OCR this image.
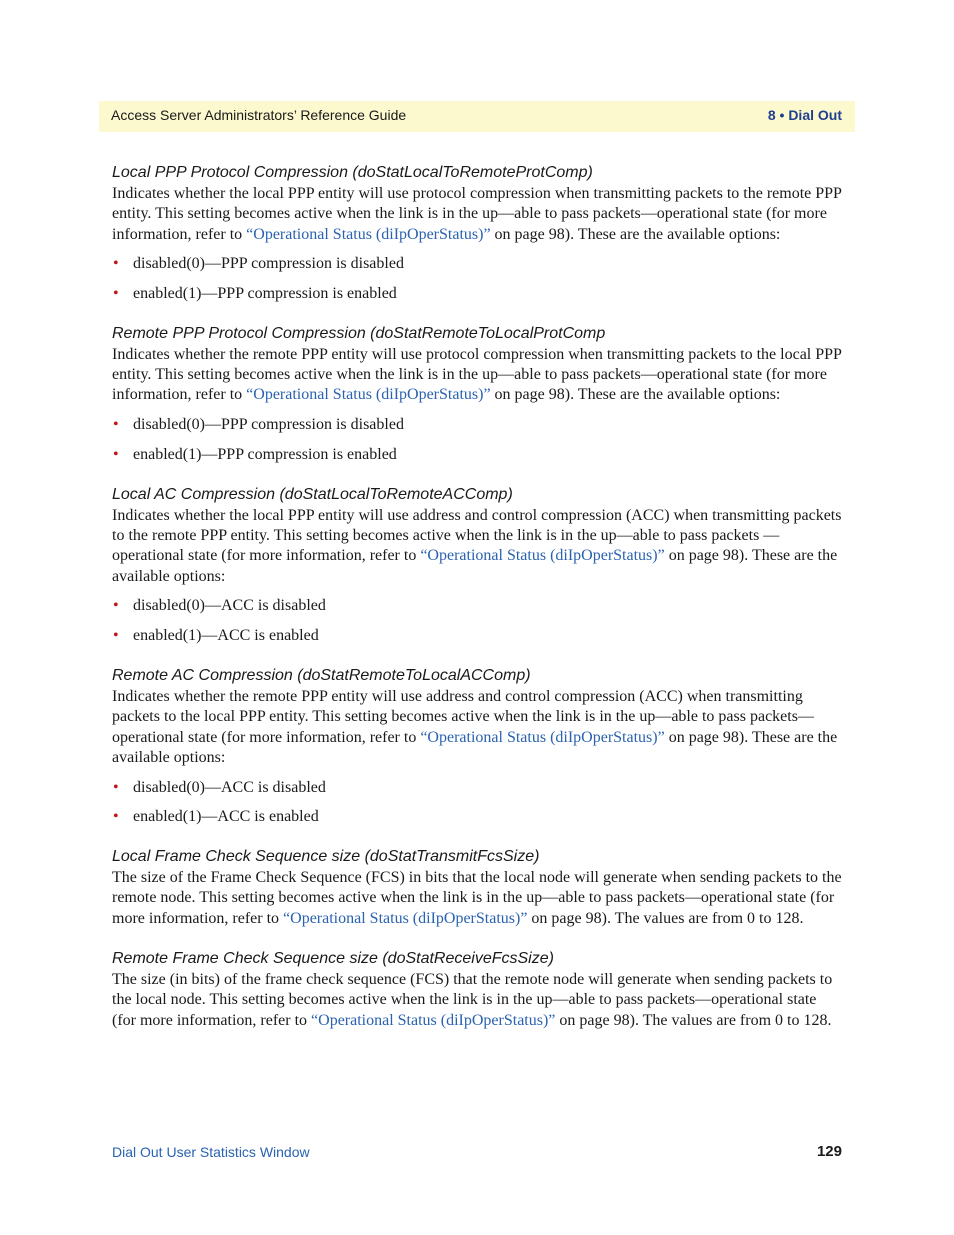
Access Server Administrators’ Reference Guide	8 • Dial Out

Local PPP Protocol Compression (doStatLocalToRemoteProtComp)

Indicates whether the local PPP entity will use protocol compression when transmitting packets to the remote PPP entity. This setting becomes active when the link is in the up—able to pass packets—operational state (for more information, refer to “Operational Status (diIpOperStatus)” on page 98). These are the available options:

• disabled(0)—PPP compression is disabled
• enabled(1)—PPP compression is enabled

Remote PPP Protocol Compression (doStatRemoteToLocalProtComp

Indicates whether the remote PPP entity will use protocol compression when transmitting packets to the local PPP entity. This setting becomes active when the link is in the up—able to pass packets—operational state (for more information, refer to “Operational Status (diIpOperStatus)” on page 98). These are the available options:

• disabled(0)—PPP compression is disabled
• enabled(1)—PPP compression is enabled

Local AC Compression (doStatLocalToRemoteACComp)

Indicates whether the local PPP entity will use address and control compression (ACC) when transmitting packets to the remote PPP entity. This setting becomes active when the link is in the up—able to pass packets —operational state (for more information, refer to “Operational Status (diIpOperStatus)” on page 98). These are the available options:

• disabled(0)—ACC is disabled
• enabled(1)—ACC is enabled

Remote AC Compression (doStatRemoteToLocalACComp)

Indicates whether the remote PPP entity will use address and control compression (ACC) when transmitting packets to the local PPP entity. This setting becomes active when the link is in the up—able to pass packets—operational state (for more information, refer to “Operational Status (diIpOperStatus)” on page 98). These are the available options:

• disabled(0)—ACC is disabled
• enabled(1)—ACC is enabled

Local Frame Check Sequence size (doStatTransmitFcsSize)

The size of the Frame Check Sequence (FCS) in bits that the local node will generate when sending packets to the remote node. This setting becomes active when the link is in the up—able to pass packets—operational state (for more information, refer to “Operational Status (diIpOperStatus)” on page 98). The values are from 0 to 128.

Remote Frame Check Sequence size (doStatReceiveFcsSize)

The size (in bits) of the frame check sequence (FCS) that the remote node will generate when sending packets to the local node. This setting becomes active when the link is in the up—able to pass packets—operational state (for more information, refer to “Operational Status (diIpOperStatus)” on page 98). The values are from 0 to 128.

Dial Out User Statistics Window	129
